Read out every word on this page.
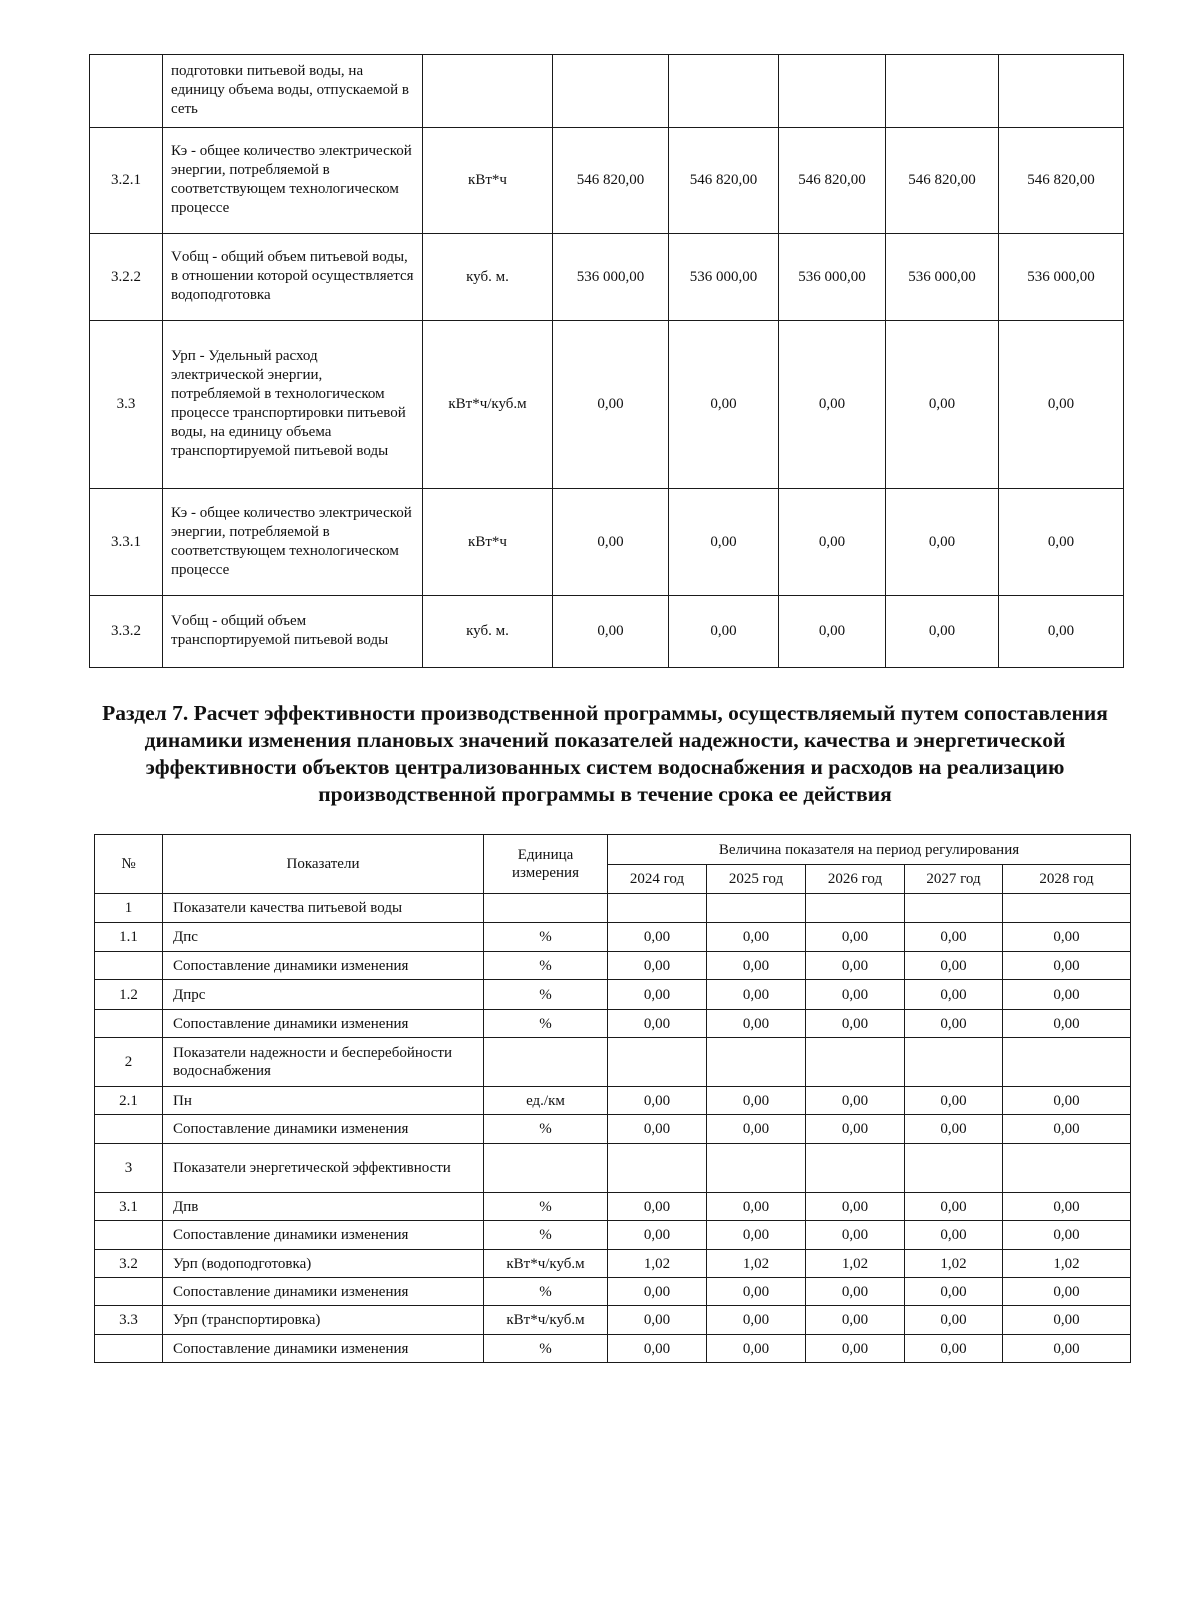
	подготовки питьевой воды, на единицу объема воды, отпускаемой в сеть						
3.2.1	Кэ - общее количество электрической энергии, потребляемой в соответствующем технологическом процессе	кВт*ч	546 820,00	546 820,00	546 820,00	546 820,00	546 820,00
3.2.2	Vобщ - общий объем питьевой воды, в отношении которой осуществляется водоподготовка	куб. м.	536 000,00	536 000,00	536 000,00	536 000,00	536 000,00
3.3	Урп - Удельный расход электрической энергии, потребляемой в технологическом процессе транспортировки питьевой воды, на единицу объема транспортируемой питьевой воды	кВт*ч/куб.м	0,00	0,00	0,00	0,00	0,00
3.3.1	Кэ - общее количество электрической энергии, потребляемой в соответствующем технологическом процессе	кВт*ч	0,00	0,00	0,00	0,00	0,00
3.3.2	Vобщ - общий объем транспортируемой питьевой воды	куб. м.	0,00	0,00	0,00	0,00	0,00
Раздел 7. Расчет эффективности производственной программы, осуществляемый путем сопоставления динамики изменения плановых значений показателей надежности, качества и энергетической эффективности объектов централизованных систем водоснабжения и расходов на реализацию производственной программы в течение срока ее действия
№	Показатели	Единица измерения	Величина показателя на период регулирования				
			2024 год	2025 год	2026 год	2027 год	2028 год
1	Показатели качества питьевой воды						
1.1	Дпс	%	0,00	0,00	0,00	0,00	0,00
	Сопоставление динамики изменения	%	0,00	0,00	0,00	0,00	0,00
1.2	Дпрс	%	0,00	0,00	0,00	0,00	0,00
	Сопоставление динамики изменения	%	0,00	0,00	0,00	0,00	0,00
2	Показатели надежности и бесперебойности водоснабжения						
2.1	Пн	ед./км	0,00	0,00	0,00	0,00	0,00
	Сопоставление динамики изменения	%	0,00	0,00	0,00	0,00	0,00
3	Показатели энергетической эффективности						
3.1	Дпв	%	0,00	0,00	0,00	0,00	0,00
	Сопоставление динамики изменения	%	0,00	0,00	0,00	0,00	0,00
3.2	Урп (водоподготовка)	кВт*ч/куб.м	1,02	1,02	1,02	1,02	1,02
	Сопоставление динамики изменения	%	0,00	0,00	0,00	0,00	0,00
3.3	Урп (транспортировка)	кВт*ч/куб.м	0,00	0,00	0,00	0,00	0,00
	Сопоставление динамики изменения	%	0,00	0,00	0,00	0,00	0,00
